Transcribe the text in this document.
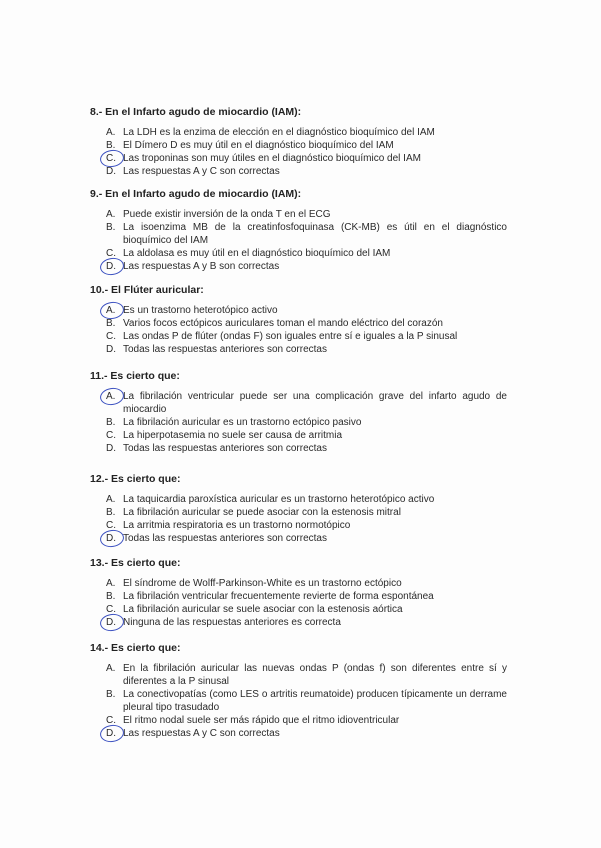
8.- En el Infarto agudo de miocardio (IAM):
A. La LDH es la enzima de elección en el diagnóstico bioquímico del IAM
B. El Dímero D es muy útil en el diagnóstico bioquímico del IAM
C. Las troponinas son muy útiles en el diagnóstico bioquímico del IAM
D. Las respuestas A y C son correctas
9.- En el Infarto agudo de miocardio (IAM):
A. Puede existir inversión de la onda T en el ECG
B. La isoenzima MB de la creatinfosfoquinasa (CK-MB) es útil en el diagnóstico bioquímico del IAM
C. La aldolasa es muy útil en el diagnóstico bioquímico del IAM
D. Las respuestas A y B son correctas
10.- El Flúter auricular:
A. Es un trastorno heterotópico activo
B. Varios focos ectópicos auriculares toman el mando eléctrico del corazón
C. Las ondas P de flúter (ondas F) son iguales entre sí e iguales a la P sinusal
D. Todas las respuestas anteriores son correctas
11.- Es cierto que:
A. La fibrilación ventricular puede ser una complicación grave del infarto agudo de miocardio
B. La fibrilación auricular es un trastorno ectópico pasivo
C. La hiperpotasemia no suele ser causa de arritmia
D. Todas las respuestas anteriores son correctas
12.- Es cierto que:
A. La taquicardia paroxística auricular es un trastorno heterotópico activo
B. La fibrilación auricular se puede asociar con la estenosis mitral
C. La arritmia respiratoria es un trastorno normotópico
D. Todas las respuestas anteriores son correctas
13.- Es cierto que:
A. El síndrome de Wolff-Parkinson-White es un trastorno ectópico
B. La fibrilación ventricular frecuentemente revierte de forma espontánea
C. La fibrilación auricular se suele asociar con la estenosis aórtica
D. Ninguna de las respuestas anteriores es correcta
14.- Es cierto que:
A. En la fibrilación auricular las nuevas ondas P (ondas f) son diferentes entre sí y diferentes a la P sinusal
B. La conectivopatías (como LES o artritis reumatoide) producen típicamente un derrame pleural tipo trasudado
C. El ritmo nodal suele ser más rápido que el ritmo idioventricular
D. Las respuestas A y C son correctas
